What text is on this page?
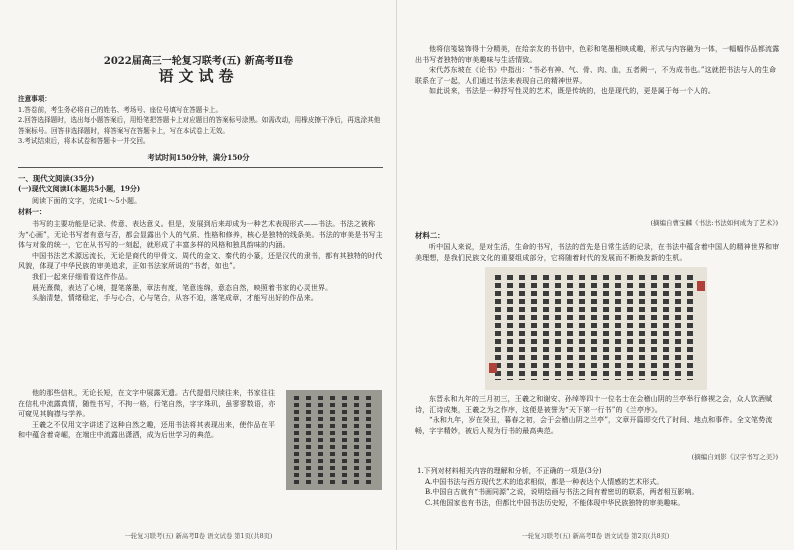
2022届高三一轮复习联考(五) 新高考Ⅱ卷
语文试卷
注意事项：
1.答卷前，考生务必将自己的姓名、考场号、座位号填写在答题卡上。
2.回答选择题时，选出每小题答案后，用铅笔把答题卡上对应题目的答案标号涂黑。如需改动，用橡皮擦干净后，再选涂其他答案标号。回答非选择题时，将答案写在答题卡上，写在本试卷上无效。
3.考试结束后，将本试卷和答题卡一并交回。
考试时间150分钟，满分150分
一、现代文阅读(35分)
(一)现代文阅读Ⅰ(本题共5小题，19分)
阅读下面的文字，完成1～5小题。
材料一：

书写的主要功能是记录、传意、表达意义。但是，发展到后来却成为一种艺术表现形式——书法。书法之被称为“心画”，无论书写者有意与否，都会显露出个人的气质、性格和修养，核心是独特的线条美。书法的审美是书写主体与对象的统一，它在从书写的一刻起，就形成了丰富多样的风格和独具韵味的内涵。

中国书法艺术源远流长，无论是商代的甲骨文、周代的金文、秦代的小篆，还是汉代的隶书，都有其独特的时代风貌，体现了中华民族的审美追求，正如书法家所说的“书者，如也”。

我们一起来仔细看看这件作品。

晨光熹微，表达了心境，提笔落墨，章法有度，笔意连绵，意态自然，映照着书家的心灵世界。

头脑清楚，情绪稳定，手与心合，心与笔合，从容不迫，落笔成章，才能写出好的作品来。

他的那些信札，无论长短，在文字中展露无遗。古代提倡尺牍往来，书家往往在信札中流露真情，随性书写，不拘一格，行笔自然，字字珠玑，虽寥寥数语，亦可窥见其胸襟与学养。

王羲之不仅用文字讲述了这种自然之趣，还用书法将其表现出来，使作品在平和中蕴含着奇崛，在端庄中流露出潇洒，成为后世学习的典范。

一轮复习联考(五) 新高考Ⅱ卷 语文试卷 第1页(共8页)

他将信笺装饰得十分精美，在给亲友的书信中，色彩和笔墨相映成趣，形式与内容融为一体，一幅幅作品都流露出书写者独特的审美趣味与生活情致。

宋代苏东坡在《论书》中指出：“书必有神、气、骨、肉、血，五者阙一，不为成书也。”这就把书法与人的生命联系在了一起，人们通过书法来表现自己的精神世界。

如此说来，书法是一种抒写性灵的艺术，既是传统的，也是现代的，更是属于每一个人的。

(摘编自曹宝麟《书法:书法如何成为了艺术》)
材料二：

听中国人来说，是对生活，生命的书写，书法的首先是日常生活的记录，在书法中蕴含着中国人的精神世界和审美理想，是我们民族文化的重要组成部分，它将随着时代的发展而不断焕发新的生机。

东晋永和九年的三月初三，王羲之和谢安、孙绰等四十一位名士在会稽山阴的兰亭举行修禊之会，众人饮酒赋诗，汇诗成集，王羲之为之作序，这便是被誉为“天下第一行书”的《兰亭序》。

“永和九年，岁在癸丑，暮春之初，会于会稽山阴之兰亭”，文章开篇即交代了时间、地点和事件。全文笔势流畅，字字精妙，被后人视为行书的最高典范。

(摘编自刘影《汉字书写之美》)
1.下列对材料相关内容的理解和分析，不正确的一项是(3分)
A.中国书法与西方现代艺术的追求相似，都是一种表达个人情感的艺术形式。
B.中国自古就有“书画同源”之说，说明绘画与书法之间有着密切的联系，两者相互影响。
C.其他国家也有书法，但都比中国书法历史短，不能体现中华民族独特的审美趣味。
一轮复习联考(五) 新高考Ⅱ卷 语文试卷 第2页(共8页)
